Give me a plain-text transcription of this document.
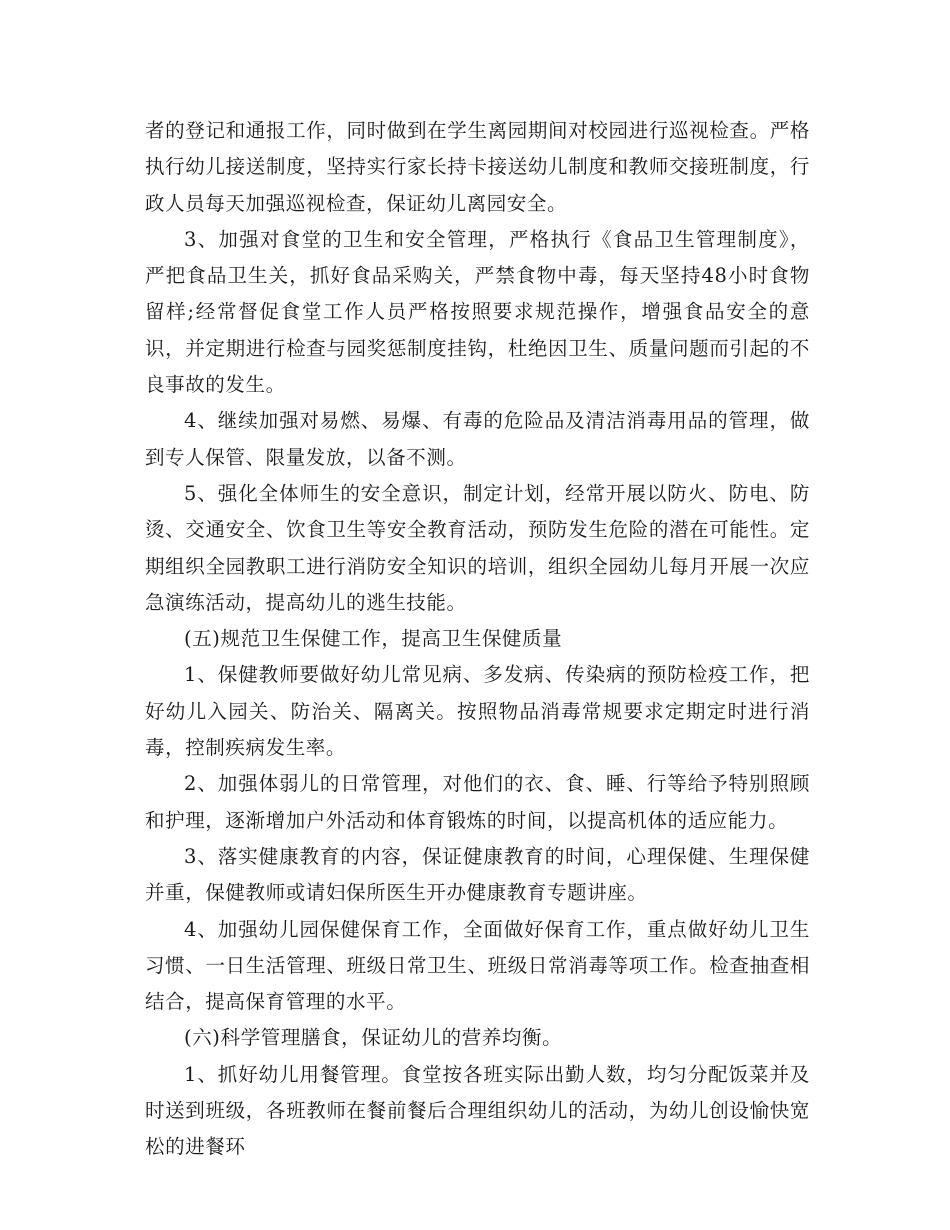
者的登记和通报工作，同时做到在学生离园期间对校园进行巡视检查。严格执行幼儿接送制度，坚持实行家长持卡接送幼儿制度和教师交接班制度，行政人员每天加强巡视检查，保证幼儿离园安全。

3、加强对食堂的卫生和安全管理，严格执行《食品卫生管理制度》，严把食品卫生关，抓好食品采购关，严禁食物中毒，每天坚持48小时食物留样;经常督促食堂工作人员严格按照要求规范操作，增强食品安全的意识，并定期进行检查与园奖惩制度挂钩，杜绝因卫生、质量问题而引起的不良事故的发生。

4、继续加强对易燃、易爆、有毒的危险品及清洁消毒用品的管理，做到专人保管、限量发放，以备不测。

5、强化全体师生的安全意识，制定计划，经常开展以防火、防电、防烫、交通安全、饮食卫生等安全教育活动，预防发生危险的潜在可能性。定期组织全园教职工进行消防安全知识的培训，组织全园幼儿每月开展一次应急演练活动，提高幼儿的逃生技能。

(五)规范卫生保健工作，提高卫生保健质量

1、保健教师要做好幼儿常见病、多发病、传染病的预防检疫工作，把好幼儿入园关、防治关、隔离关。按照物品消毒常规要求定期定时进行消毒，控制疾病发生率。

2、加强体弱儿的日常管理，对他们的衣、食、睡、行等给予特别照顾和护理，逐渐增加户外活动和体育锻炼的时间，以提高机体的适应能力。

3、落实健康教育的内容，保证健康教育的时间，心理保健、生理保健并重，保健教师或请妇保所医生开办健康教育专题讲座。

4、加强幼儿园保健保育工作，全面做好保育工作，重点做好幼儿卫生习惯、一日生活管理、班级日常卫生、班级日常消毒等项工作。检查抽查相结合，提高保育管理的水平。

(六)科学管理膳食，保证幼儿的营养均衡。

1、抓好幼儿用餐管理。食堂按各班实际出勤人数，均匀分配饭菜并及时送到班级，各班教师在餐前餐后合理组织幼儿的活动，为幼儿创设愉快宽松的进餐环
